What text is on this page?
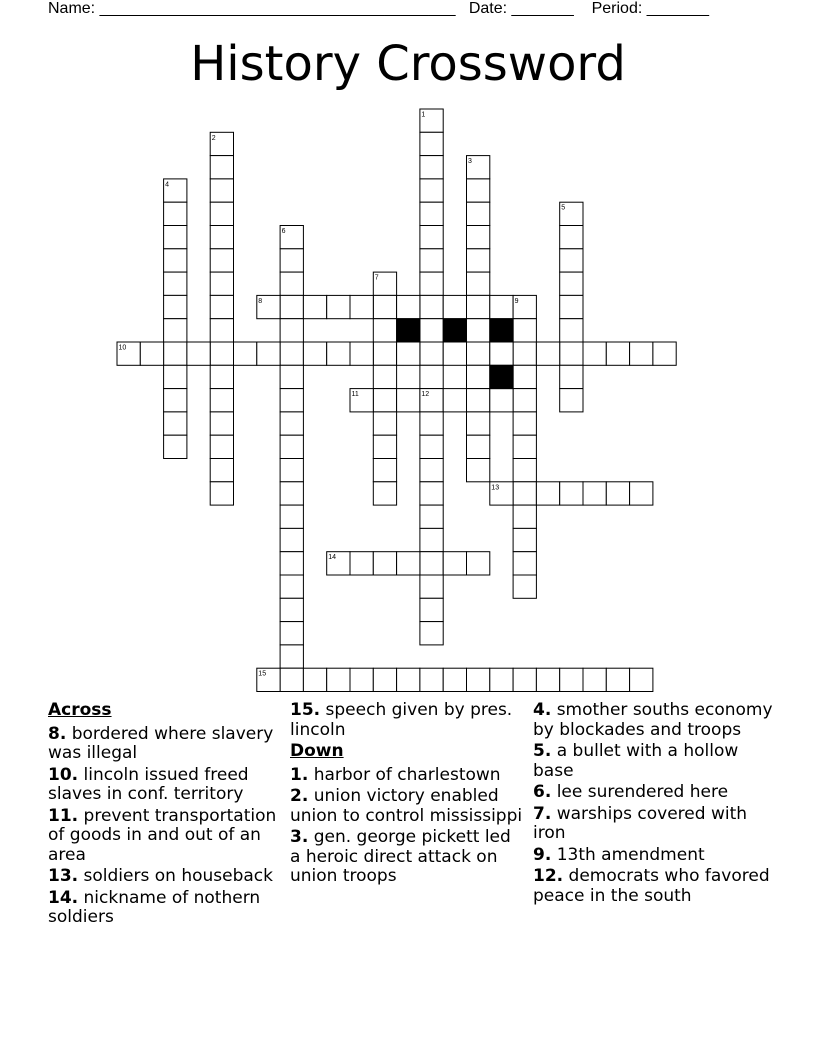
Name: ________________________________________   Date: _______    Period: _______
History Crossword
1
2
3
4
5
6
7
8	9
10
11	12
13
14
15
Across
8. bordered where slavery was illegal
10. lincoln issued freed slaves in conf. territory
11. prevent transportation of goods in and out of an area
13. soldiers on houseback
14. nickname of nothern soldiers
15. speech given by pres. lincoln
Down
1. harbor of charlestown
2. union victory enabled union to control mississippi
3. gen. george pickett led a heroic direct attack on union troops
4. smother souths economy by blockades and troops
5. a bullet with a hollow base
6. lee surendered here
7. warships covered with iron
9. 13th amendment
12. democrats who favored peace in the south
